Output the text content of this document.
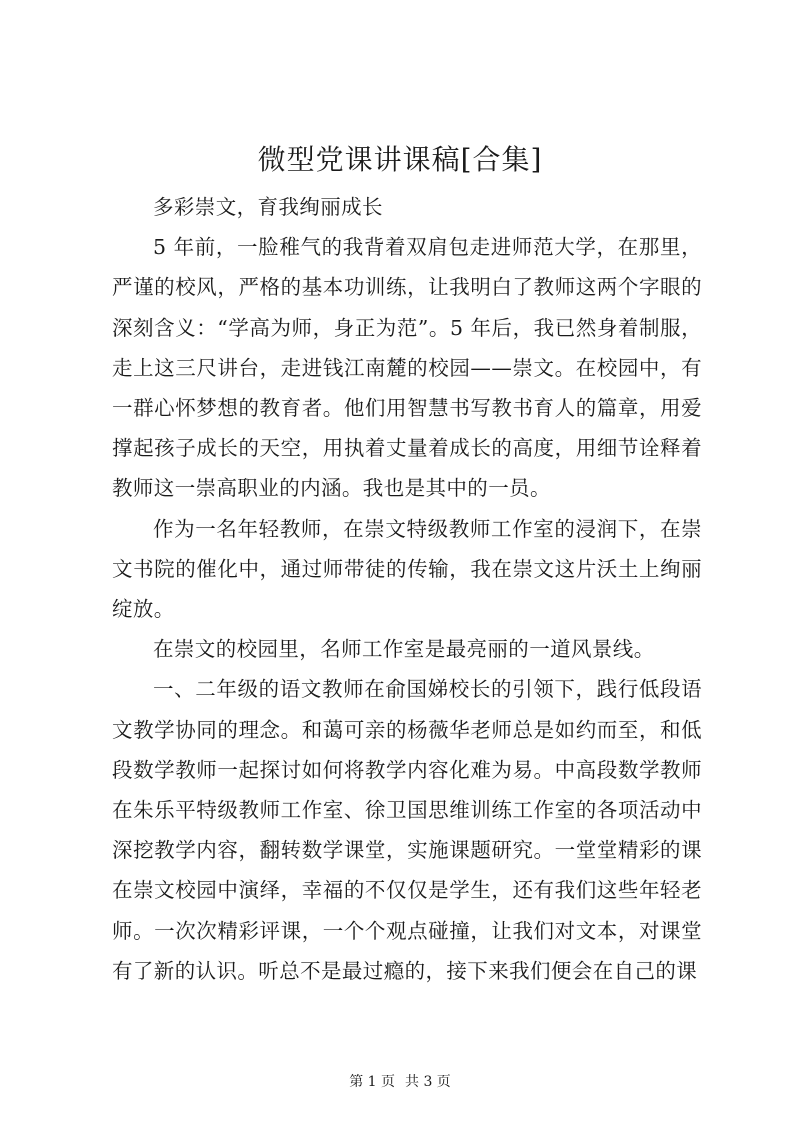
微型党课讲课稿[合集]

多彩崇文，育我绚丽成长

5 年前，一脸稚气的我背着双肩包走进师范大学，在那里，严谨的校风，严格的基本功训练，让我明白了教师这两个字眼的深刻含义：“学高为师，身正为范”。5 年后，我已然身着制服，走上这三尺讲台，走进钱江南麓的校园——崇文。在校园中，有一群心怀梦想的教育者。他们用智慧书写教书育人的篇章，用爱撑起孩子成长的天空，用执着丈量着成长的高度，用细节诠释着教师这一崇高职业的内涵。我也是其中的一员。

作为一名年轻教师，在崇文特级教师工作室的浸润下，在崇文书院的催化中，通过师带徒的传输，我在崇文这片沃土上绚丽绽放。

在崇文的校园里，名师工作室是最亮丽的一道风景线。

一、二年级的语文教师在俞国娣校长的引领下，践行低段语文教学协同的理念。和蔼可亲的杨薇华老师总是如约而至，和低段数学教师一起探讨如何将教学内容化难为易。中高段数学教师在朱乐平特级教师工作室、徐卫国思维训练工作室的各项活动中深挖教学内容，翻转数学课堂，实施课题研究。一堂堂精彩的课在崇文校园中演绎，幸福的不仅仅是学生，还有我们这些年轻老师。一次次精彩评课，一个个观点碰撞，让我们对文本，对课堂有了新的认识。听总不是最过瘾的，接下来我们便会在自己的课

第 1 页 共 3 页
